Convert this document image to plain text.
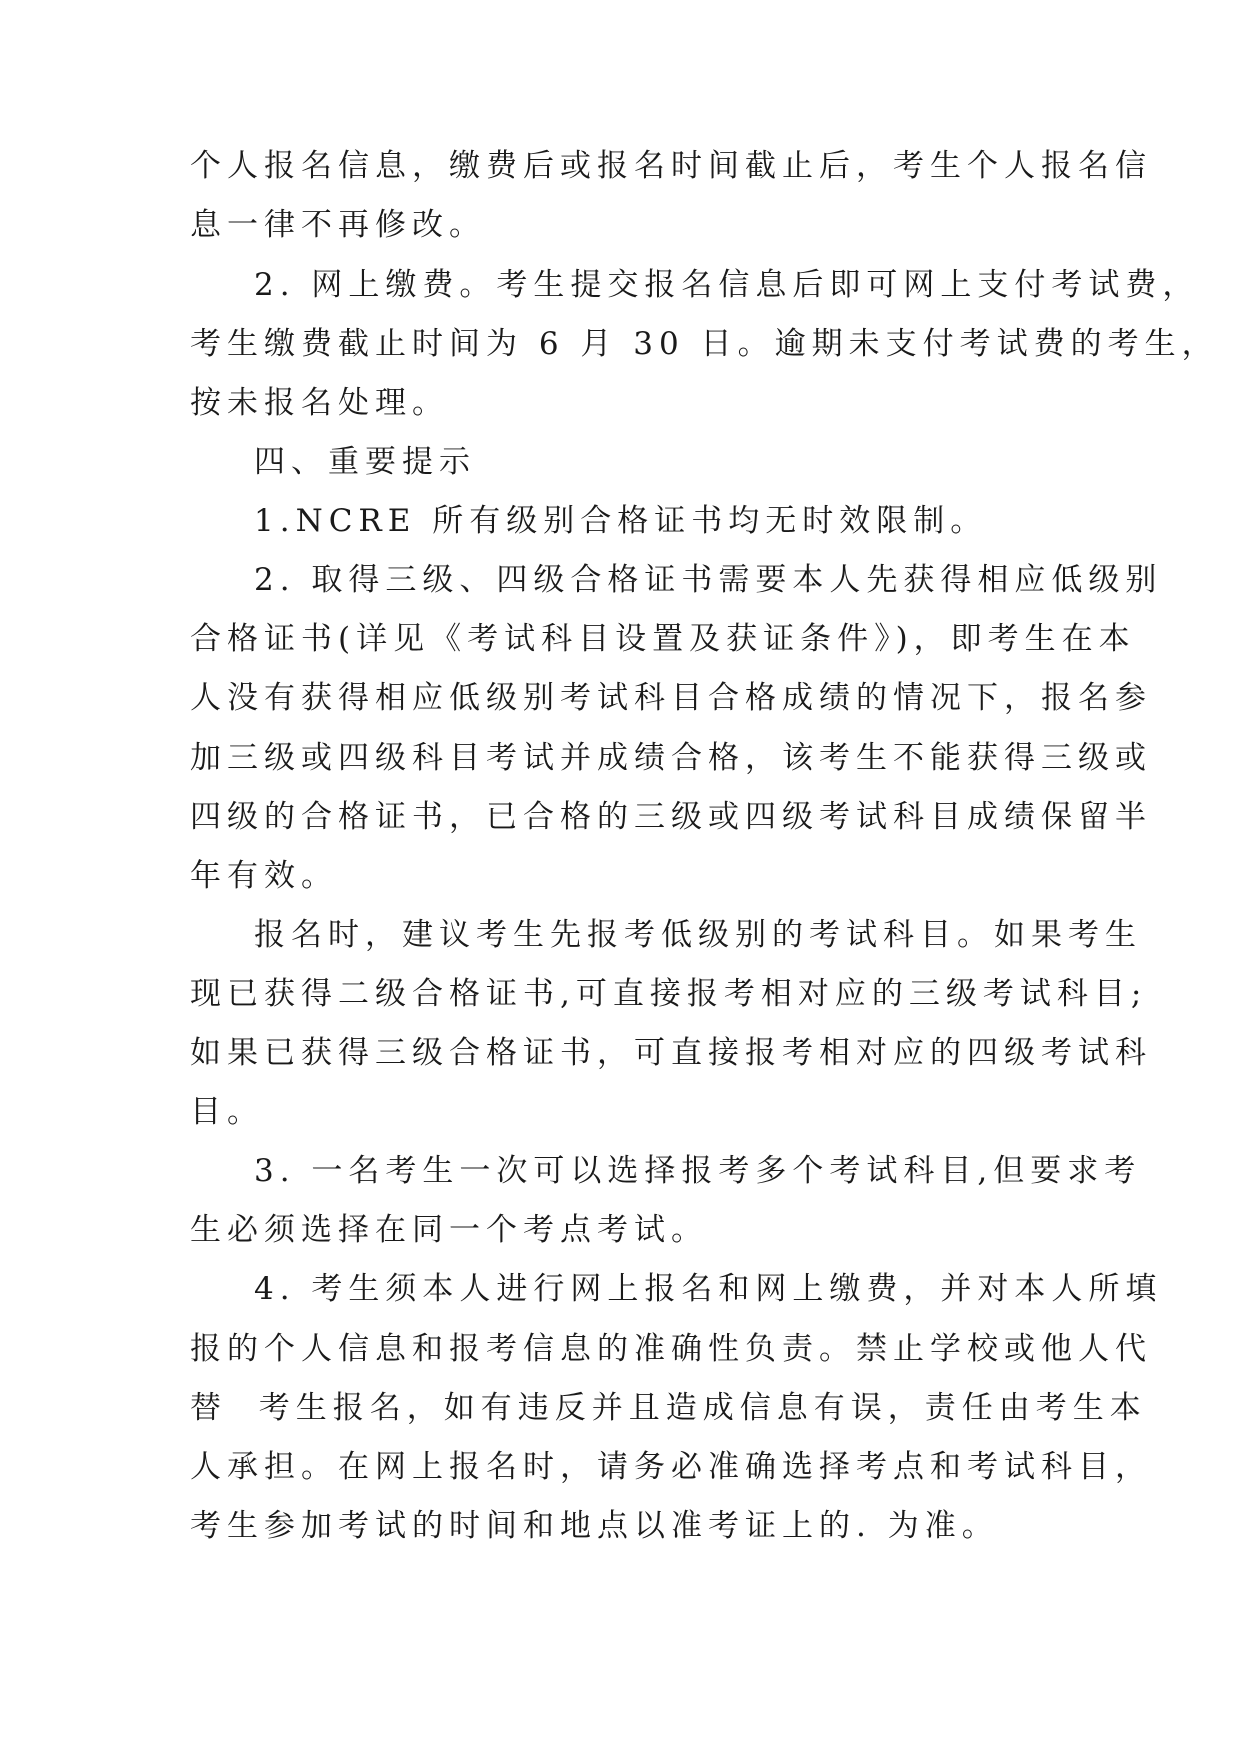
个人报名信息，缴费后或报名时间截止后，考生个人报名信
息一律不再修改。
2. 网上缴费。考生提交报名信息后即可网上支付考试费，
考生缴费截止时间为 6 月 30 日。逾期未支付考试费的考生，
按未报名处理。
四、重要提示
1.NCRE 所有级别合格证书均无时效限制。
2. 取得三级、四级合格证书需要本人先获得相应低级别
合格证书(详见《考试科目设置及获证条件》)，即考生在本
人没有获得相应低级别考试科目合格成绩的情况下，报名参
加三级或四级科目考试并成绩合格，该考生不能获得三级或
四级的合格证书，已合格的三级或四级考试科目成绩保留半
年有效。
报名时，建议考生先报考低级别的考试科目。如果考生
现已获得二级合格证书,可直接报考相对应的三级考试科目;
如果已获得三级合格证书，可直接报考相对应的四级考试科
目。
3. 一名考生一次可以选择报考多个考试科目,但要求考
生必须选择在同一个考点考试。
4. 考生须本人进行网上报名和网上缴费，并对本人所填
报的个人信息和报考信息的准确性负责。禁止学校或他人代
替  考生报名，如有违反并且造成信息有误，责任由考生本
人承担。在网上报名时，请务必准确选择考点和考试科目，
考生参加考试的时间和地点以准考证上的. 为准。
